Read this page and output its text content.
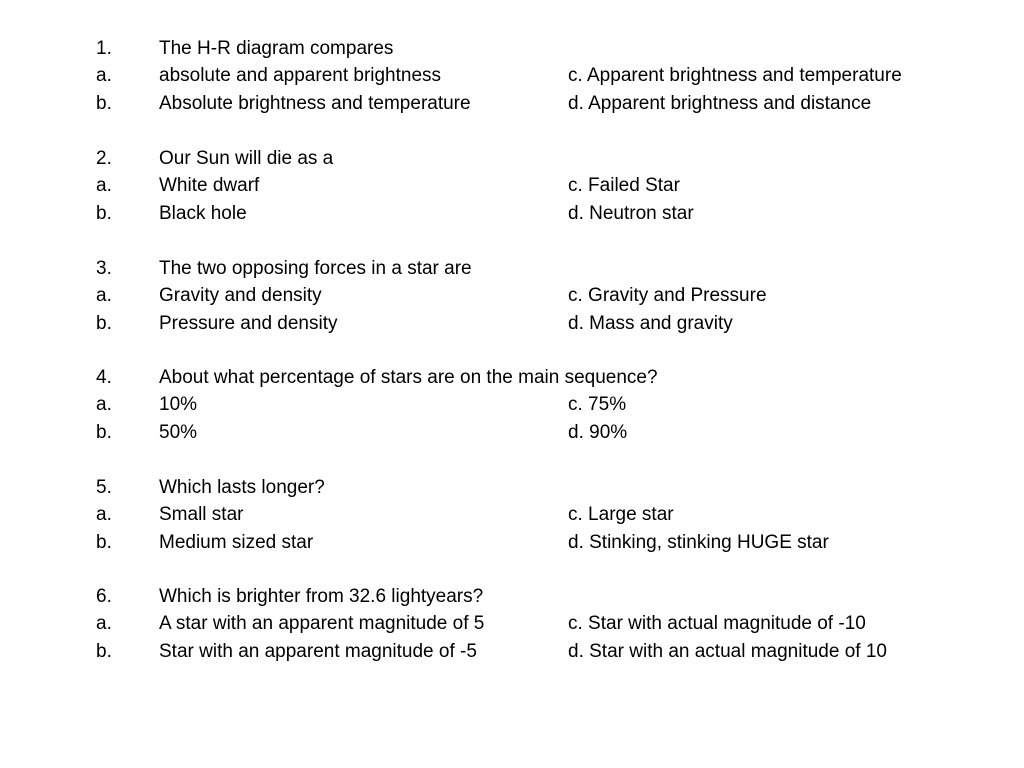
1. The H-R diagram compares
a. absolute and apparent brightness	c. Apparent brightness and temperature
b. Absolute brightness and temperature	d. Apparent brightness and distance
2. Our Sun will die as a
a. White dwarf	c. Failed Star
b. Black hole	d. Neutron star
3. The two opposing forces in a star are
a. Gravity and density	c. Gravity and Pressure
b. Pressure and density	d. Mass and gravity
4. About what percentage of stars are on the main sequence?
a. 10%	c. 75%
b. 50%	d. 90%
5. Which lasts longer?
a. Small star	c. Large star
b. Medium sized star	d. Stinking, stinking HUGE star
6. Which is brighter from 32.6 lightyears?
a. A star with an apparent magnitude of 5	c. Star with actual magnitude of -10
b. Star with an apparent magnitude of -5	d. Star with an actual magnitude of 10
